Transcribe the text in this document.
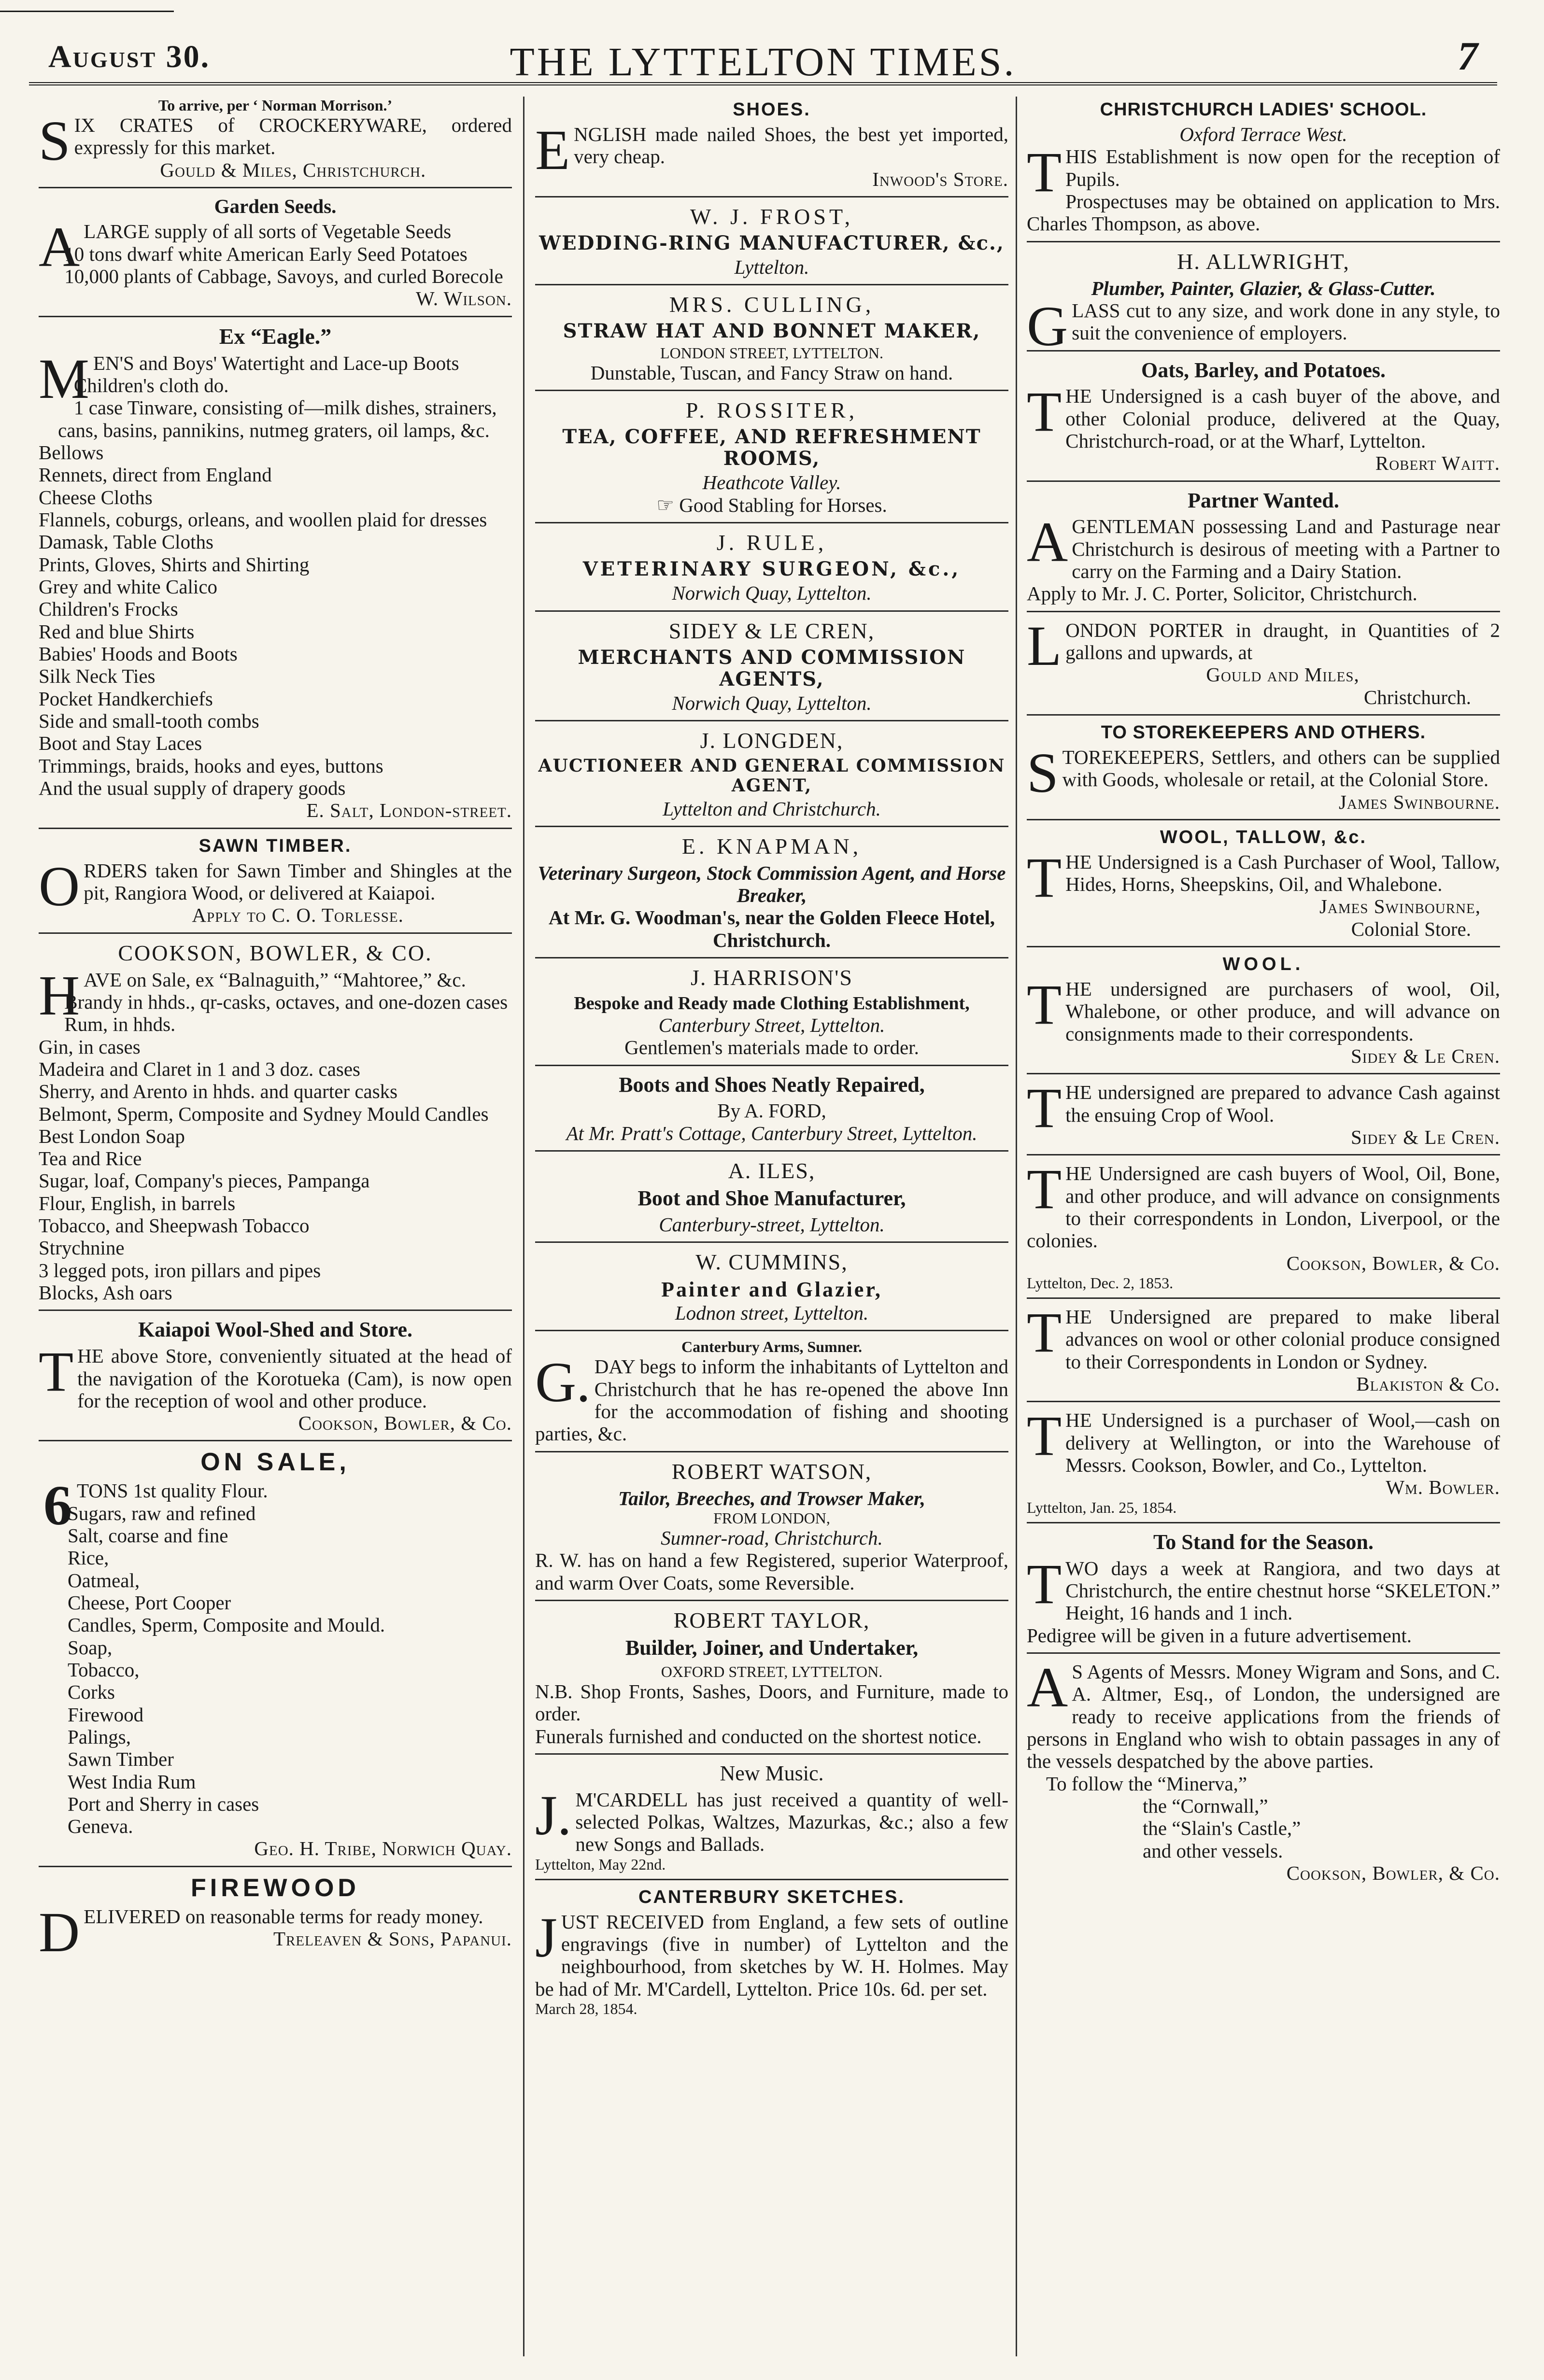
August 30.	THE LYTTELTON TIMES.	7
To arrive, per ‘ Norman Morrison.’

SIX CRATES of CROCKERYWARE, ordered expressly for this market.

Gould & Miles, Christchurch.
Garden Seeds.

ALARGE supply of all sorts of Vegetable Seeds

10 tons dwarf white American Early Seed Potatoes
10,000 plants of Cabbage, Savoys, and curled Borecole
W. Wilson.
Ex “Eagle.”

MEN'S and Boys' Watertight and Lace-up Boots

Children's cloth do.
1 case Tinware, consisting of—milk dishes, strainers, cans, basins, pannikins, nutmeg graters, oil lamps, &c.
Bellows
Rennets, direct from England
Cheese Cloths
Flannels, coburgs, orleans, and woollen plaid for dresses
Damask, Table Cloths
Prints, Gloves, Shirts and Shirting
Grey and white Calico
Children's Frocks
Red and blue Shirts
Babies' Hoods and Boots
Silk Neck Ties
Pocket Handkerchiefs
Side and small-tooth combs
Boot and Stay Laces
Trimmings, braids, hooks and eyes, buttons
And the usual supply of drapery goods
E. Salt, London-street.
SAWN TIMBER.

ORDERS taken for Sawn Timber and Shingles at the pit, Rangiora Wood, or delivered at Kaiapoi.

Apply to C. O. Torlesse.
COOKSON, BOWLER, & CO.

HAVE on Sale, ex “Balnaguith,” “Mahtoree,” &c.

Brandy in hhds., qr-casks, octaves, and one-dozen cases
Rum, in hhds.
Gin, in cases
Madeira and Claret in 1 and 3 doz. cases
Sherry, and Arento in hhds. and quarter casks
Belmont, Sperm, Composite and Sydney Mould Candles
Best London Soap
Tea and Rice
Sugar, loaf, Company's pieces, Pampanga
Flour, English, in barrels
Tobacco, and Sheepwash Tobacco
Strychnine
3 legged pots, iron pillars and pipes
Blocks, Ash oars
Kaiapoi Wool-Shed and Store.

THE above Store, conveniently situated at the head of the navigation of the Korotueka (Cam), is now open for the reception of wool and other produce.

Cookson, Bowler, & Co.
ON SALE,
6 TONS 1st quality Flour.
Sugars, raw and refined
Salt, coarse and fine
Rice,
Oatmeal,
Cheese, Port Cooper
Candles, Sperm, Composite and Mould.
Soap,
Tobacco,
Corks
Firewood
Palings,
Sawn Timber
West India Rum
Port and Sherry in cases
Geneva.
Geo. H. Tribe, Norwich Quay.
FIREWOOD

DELIVERED on reasonable terms for ready money.

Treleaven & Sons, Papanui.
SHOES.

ENGLISH made nailed Shoes, the best yet imported, very cheap.

Inwood's Store.
W. J. FROST,
WEDDING-RING MANUFACTURER, &c.,
Lyttelton.
MRS. CULLING,
STRAW HAT AND BONNET MAKER,
LONDON STREET, LYTTELTON.
Dunstable, Tuscan, and Fancy Straw on hand.
P. ROSSITER,
TEA, COFFEE, AND REFRESHMENT ROOMS,
Heathcote Valley.
☞ Good Stabling for Horses.
J. RULE,
VETERINARY SURGEON, &c.,
Norwich Quay, Lyttelton.
SIDEY & LE CREN,
MERCHANTS AND COMMISSION AGENTS,
Norwich Quay, Lyttelton.
J. LONGDEN,
AUCTIONEER AND GENERAL COMMISSION AGENT,
Lyttelton and Christchurch.
E. KNAPMAN,
Veterinary Surgeon, Stock Commission Agent, and Horse Breaker,
At Mr. G. Woodman's, near the Golden Fleece Hotel, Christchurch.
J. HARRISON'S
Bespoke and Ready made Clothing Establishment,
Canterbury Street, Lyttelton.
Gentlemen's materials made to order.
Boots and Shoes Neatly Repaired,
By A. FORD,
At Mr. Pratt's Cottage, Canterbury Street, Lyttelton.
A. ILES,
Boot and Shoe Manufacturer,
Canterbury-street, Lyttelton.
W. CUMMINS,
Painter and Glazier,
Lodnon street, Lyttelton.
Canterbury Arms, Sumner.

G.DAY begs to inform the inhabitants of Lyttelton and Christchurch that he has re-opened the above Inn for the accommodation of fishing and shooting parties, &c.

ROBERT WATSON,
Tailor, Breeches, and Trowser Maker,
FROM LONDON,
Sumner-road, Christchurch.

R. W. has on hand a few Registered, superior Waterproof, and warm Over Coats, some Reversible.

ROBERT TAYLOR,
Builder, Joiner, and Undertaker,
OXFORD STREET, LYTTELTON.

N.B. Shop Fronts, Sashes, Doors, and Furniture, made to order.

Funerals furnished and conducted on the shortest notice.

New Music.

J.M'CARDELL has just received a quantity of well-selected Polkas, Waltzes, Mazurkas, &c.; also a few new Songs and Ballads.

Lyttelton, May 22nd.
CANTERBURY SKETCHES.

JUST RECEIVED from England, a few sets of outline engravings (five in number) of Lyttelton and the neighbourhood, from sketches by W. H. Holmes. May be had of Mr. M'Cardell, Lyttelton. Price 10s. 6d. per set.

March 28, 1854.
CHRISTCHURCH LADIES' SCHOOL.
Oxford Terrace West.

THIS Establishment is now open for the reception of Pupils.

Prospectuses may be obtained on application to Mrs. Charles Thompson, as above.

H. ALLWRIGHT,
Plumber, Painter, Glazier, & Glass-Cutter.

GLASS cut to any size, and work done in any style, to suit the convenience of employers.

Oats, Barley, and Potatoes.

THE Undersigned is a cash buyer of the above, and other Colonial produce, delivered at the Quay, Christchurch-road, or at the Wharf, Lyttelton.

Robert Waitt.
Partner Wanted.

AGENTLEMAN possessing Land and Pasturage near Christchurch is desirous of meeting with a Partner to carry on the Farming and a Dairy Station.

Apply to Mr. J. C. Porter, Solicitor, Christchurch.

LONDON PORTER in draught, in Quantities of 2 gallons and upwards, at

Gould and Miles,
Christchurch.
TO STOREKEEPERS AND OTHERS.

STOREKEEPERS, Settlers, and others can be supplied with Goods, wholesale or retail, at the Colonial Store.

James Swinbourne.
WOOL, TALLOW, &c.

THE Undersigned is a Cash Purchaser of Wool, Tallow, Hides, Horns, Sheepskins, Oil, and Whalebone.

James Swinbourne,
Colonial Store.
WOOL.

THE undersigned are purchasers of wool, Oil, Whalebone, or other produce, and will advance on consignments made to their correspondents.

Sidey & Le Cren.

THE undersigned are prepared to advance Cash against the ensuing Crop of Wool.

Sidey & Le Cren.

THE Undersigned are cash buyers of Wool, Oil, Bone, and other produce, and will advance on consignments to their correspondents in London, Liverpool, or the colonies.

Cookson, Bowler, & Co.
Lyttelton, Dec. 2, 1853.

THE Undersigned are prepared to make liberal advances on wool or other colonial produce consigned to their Correspondents in London or Sydney.

Blakiston & Co.

THE Undersigned is a purchaser of Wool,—cash on delivery at Wellington, or into the Warehouse of Messrs. Cookson, Bowler, and Co., Lyttelton.

Wm. Bowler.
Lyttelton, Jan. 25, 1854.
To Stand for the Season.

TWO days a week at Rangiora, and two days at Christchurch, the entire chestnut horse “SKELETON.” Height, 16 hands and 1 inch.

Pedigree will be given in a future advertisement.

AS Agents of Messrs. Money Wigram and Sons, and C. A. Altmer, Esq., of London, the undersigned are ready to receive applications from the friends of persons in England who wish to obtain passages in any of the vessels despatched by the above parties.

To follow the “Minerva,”
the “Cornwall,”
the “Slain's Castle,”
and other vessels.
Cookson, Bowler, & Co.
